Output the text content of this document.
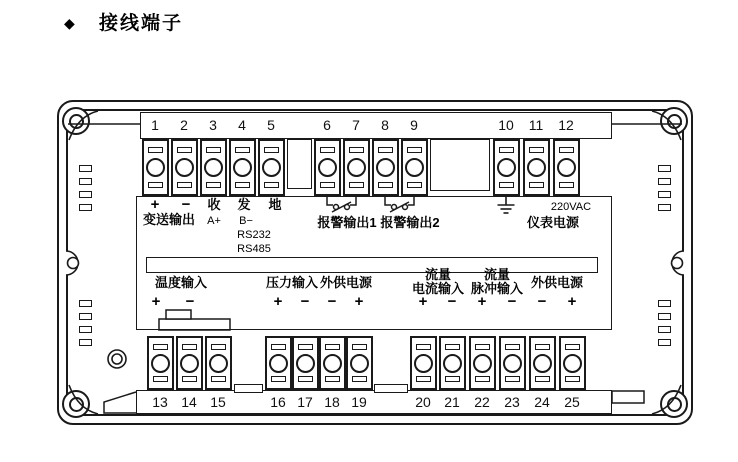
◆ 接线端子
+ −
变送输出
收 发 地
A+ B−
RS232
RS485
报警输出1 报警输出2
220VAC
仪表电源
温度输入
+ −
压力输入
+ −
外供电源
− +
流量
电流输入
+ −
流量
脉冲输入
+ −
外供电源
− +
1 2 3 4 5	6 7 8 9	10 11 12
13 14 15	16 17 18 19	20 21 22 23 24 25
